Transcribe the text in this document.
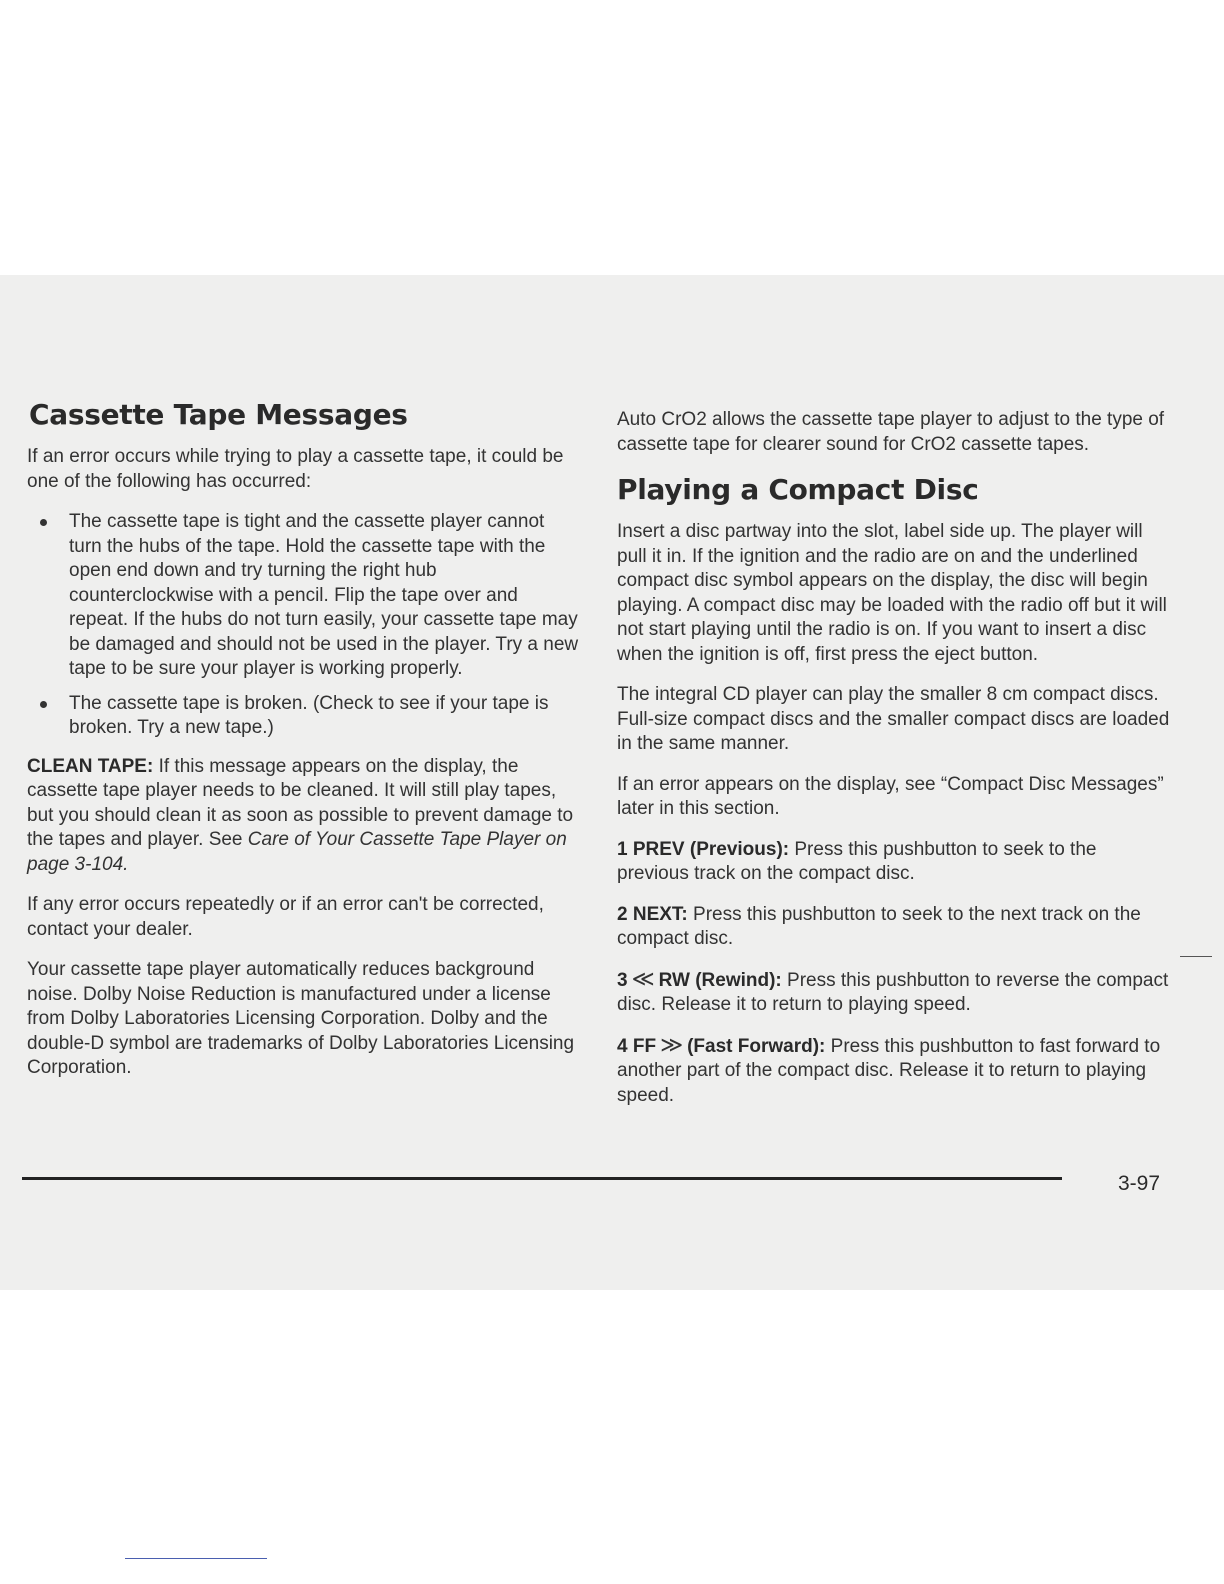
Cassette Tape Messages

If an error occurs while trying to play a cassette tape, it could be one of the following has occurred:

The cassette tape is tight and the cassette player cannot turn the hubs of the tape. Hold the cassette tape with the open end down and try turning the right hub counterclockwise with a pencil. Flip the tape over and repeat. If the hubs do not turn easily, your cassette tape may be damaged and should not be used in the player. Try a new tape to be sure your player is working properly.
The cassette tape is broken. (Check to see if your tape is broken. Try a new tape.)

CLEAN TAPE: If this message appears on the display, the cassette tape player needs to be cleaned. It will still play tapes, but you should clean it as soon as possible to prevent damage to the tapes and player. See Care of Your Cassette Tape Player on page 3-104.

If any error occurs repeatedly or if an error can't be corrected, contact your dealer.

Your cassette tape player automatically reduces background noise. Dolby Noise Reduction is manufactured under a license from Dolby Laboratories Licensing Corporation. Dolby and the double-D symbol are trademarks of Dolby Laboratories Licensing Corporation.

Auto CrO2 allows the cassette tape player to adjust to the type of cassette tape for clearer sound for CrO2 cassette tapes.

Playing a Compact Disc

Insert a disc partway into the slot, label side up. The player will pull it in. If the ignition and the radio are on and the underlined compact disc symbol appears on the display, the disc will begin playing. A compact disc may be loaded with the radio off but it will not start playing until the radio is on. If you want to insert a disc when the ignition is off, first press the eject button.

The integral CD player can play the smaller 8 cm compact discs. Full-size compact discs and the smaller compact discs are loaded in the same manner.

If an error appears on the display, see “Compact Disc Messages” later in this section.

1 PREV (Previous): Press this pushbutton to seek to the previous track on the compact disc.

2 NEXT: Press this pushbutton to seek to the next track on the compact disc.

3 ≪ RW (Rewind): Press this pushbutton to reverse the compact disc. Release it to return to playing speed.

4 FF ≫ (Fast Forward): Press this pushbutton to fast forward to another part of the compact disc. Release it to return to playing speed.

3-97
